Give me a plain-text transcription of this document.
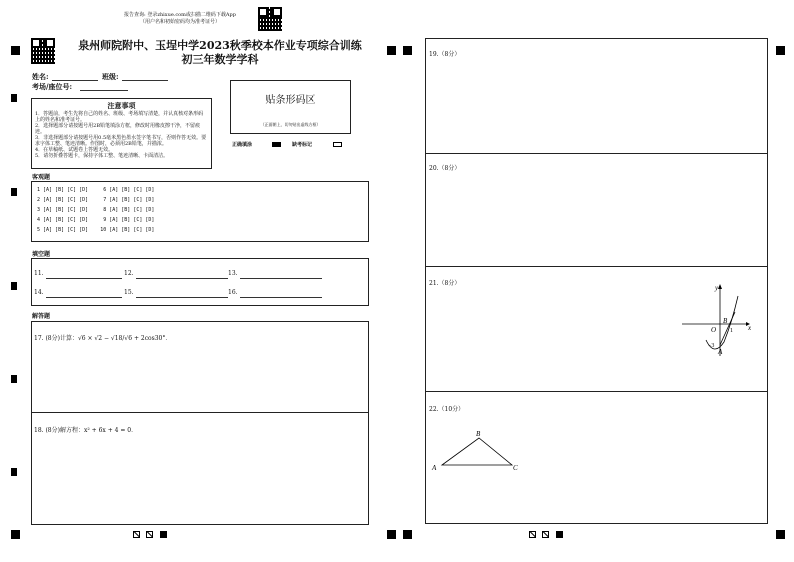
报告查询: 登录zhixue.com或扫描二维码下载App
（用户名和初始密码均为准考证号）
泉州师院附中、玉埕中学2023秋季校本作业专项综合训练
初三年数学学科
姓名:	班级:
考场/座位号:
注意事项
1．答题前，考生先将自己的姓名、班级、考场填写清楚，并认真核对条形码上的姓名和准考证号。
2．选择题部分请按题号用2B铅笔填涂方框，修改时用橡皮擦干净，不留痕迹。
3．非选择题部分请按题号用0.5毫米黑色墨水签字笔书写，否则作答无效。要求字体工整、笔迹清晰。作图时，必须用2B铅笔，并描浓。
4．在草稿纸、试题卷上答题无效。
5．请勿折叠答题卡，保持字体工整、笔迹清晰、卡面清洁。
贴条形码区
（正面朝上，切勿贴出虚线方框）
正确填涂	缺考标记
客观题
1 [A] [B] [C] [D]     6 [A] [B] [C] [D]
2 [A] [B] [C] [D]     7 [A] [B] [C] [D]
3 [A] [B] [C] [D]     8 [A] [B] [C] [D]
4 [A] [B] [C] [D]     9 [A] [B] [C] [D]
5 [A] [B] [C] [D]    10 [A] [B] [C] [D]
填空题
11.	12.	13.
14.	15.	16.
解答题
17. (8分)计算：√6 × √2 − √18/√6 + 2cos30°．
18. (8分)解方程：x² + 6x + 4 = 0．
19.（8分）
20.（8分）
21.（8分）
22.（10分）
y
x
O 1
B
−3
A
B
A	C
